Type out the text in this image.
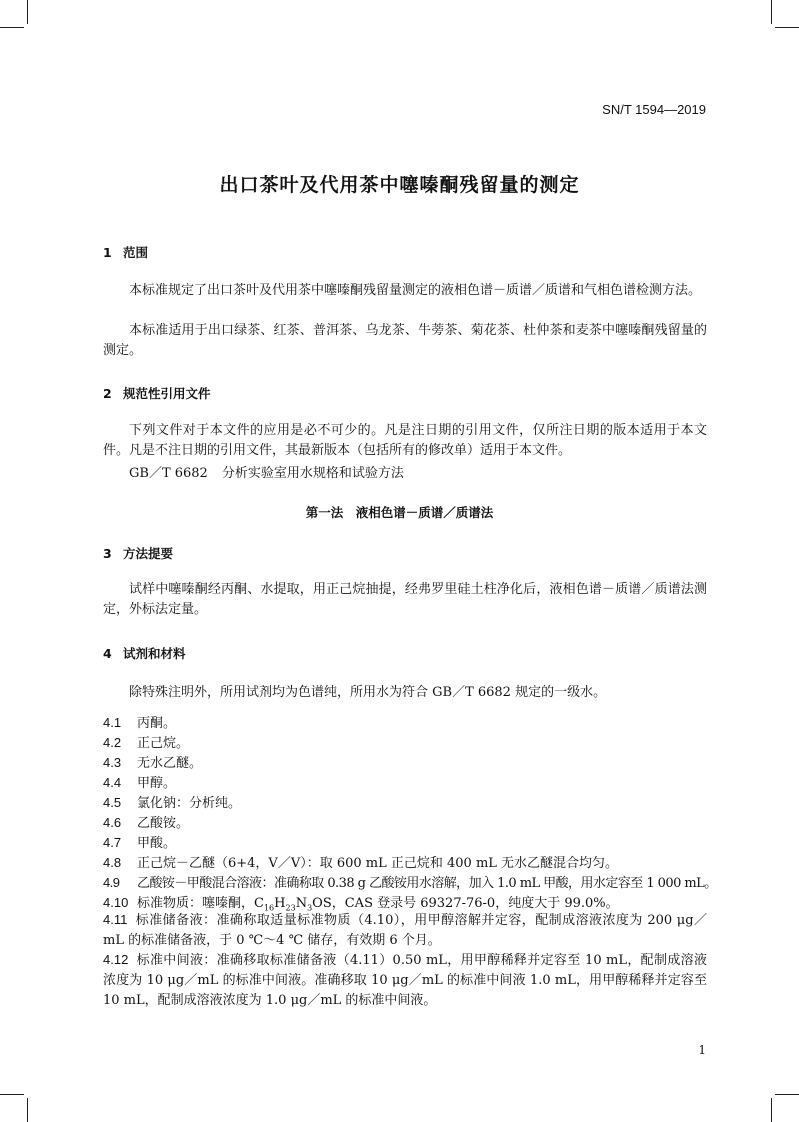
SN/T 1594—2019
出口茶叶及代用茶中噻嗪酮残留量的测定
1 范围

本标准规定了出口茶叶及代用茶中噻嗪酮残留量测定的液相色谱－质谱／质谱和气相色谱检测方法。

本标准适用于出口绿茶、红茶、普洱茶、乌龙茶、牛蒡茶、菊花茶、杜仲茶和麦茶中噻嗪酮残留量的测定。

2 规范性引用文件

下列文件对于本文件的应用是必不可少的。凡是注日期的引用文件，仅所注日期的版本适用于本文件。凡是不注日期的引用文件，其最新版本（包括所有的修改单）适用于本文件。

GB／T 6682 分析实验室用水规格和试验方法
第一法　液相色谱－质谱／质谱法
3 方法提要

试样中噻嗪酮经丙酮、水提取，用正己烷抽提，经弗罗里硅土柱净化后，液相色谱－质谱／质谱法测定，外标法定量。

4 试剂和材料
除特殊注明外，所用试剂均为色谱纯，所用水为符合 GB／T 6682 规定的一级水。
4.1 丙酮。
4.2 正己烷。
4.3 无水乙醚。
4.4 甲醇。
4.5 氯化钠：分析纯。
4.6 乙酸铵。
4.7 甲酸。
4.8 正己烷－乙醚（6+4，V／V）：取 600 mL 正己烷和 400 mL 无水乙醚混合均匀。
4.9 乙酸铵－甲酸混合溶液：准确称取 0.38 g 乙酸铵用水溶解，加入 1.0 mL 甲酸，用水定容至 1 000 mL。
4.10 标准物质：噻嗪酮，$C_{16}H_{23}N_3OS$，CAS 登录号 69327-76-0，纯度大于 99.0%。

4.11 标准储备液：准确称取适量标准物质（4.10），用甲醇溶解并定容，配制成溶液浓度为 200 μg／mL 的标准储备液，于 0 ℃～4 ℃ 储存，有效期 6 个月。

4.12 标准中间液：准确移取标准储备液（4.11）0.50 mL，用甲醇稀释并定容至 10 mL，配制成溶液浓度为 10 μg／mL 的标准中间液。准确移取 10 μg／mL 的标准中间液 1.0 mL，用甲醇稀释并定容至 10 mL，配制成溶液浓度为 1.0 μg／mL 的标准中间液。

1
